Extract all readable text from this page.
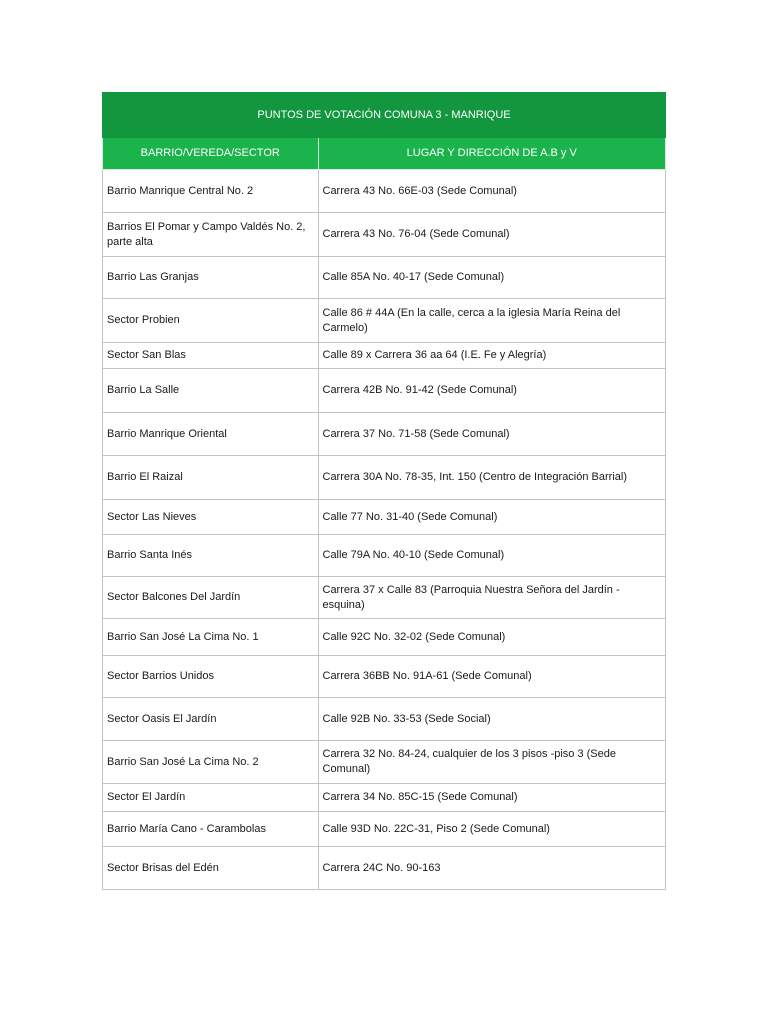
PUNTOS DE VOTACIÓN COMUNA 3 - MANRIQUE	
BARRIO/VEREDA/SECTOR	LUGAR Y DIRECCIÓN DE A.B y V
Barrio Manrique Central No. 2	Carrera 43 No. 66E-03 (Sede Comunal)
Barrios El Pomar y Campo Valdés No. 2, parte alta	Carrera 43 No. 76-04 (Sede Comunal)
Barrio Las Granjas	Calle 85A No. 40-17 (Sede Comunal)
Sector Probien	Calle 86 # 44A (En la calle, cerca a la iglesia María Reina del Carmelo)
Sector San Blas	Calle 89 x Carrera 36 aa 64 (I.E. Fe y Alegría)
Barrio La Salle	Carrera 42B No. 91-42 (Sede Comunal)
Barrio Manrique Oriental	Carrera 37 No. 71-58 (Sede Comunal)
Barrio El Raizal	Carrera 30A No. 78-35, Int. 150 (Centro de Integración Barrial)
Sector Las Nieves	Calle 77 No. 31-40 (Sede Comunal)
Barrio Santa Inés	Calle 79A No. 40-10 (Sede Comunal)
Sector Balcones Del Jardín	Carrera 37 x Calle 83 (Parroquia Nuestra Señora del Jardín - esquina)
Barrio San José La Cima No. 1	Calle 92C No. 32-02 (Sede Comunal)
Sector Barrios Unidos	Carrera 36BB No. 91A-61 (Sede Comunal)
Sector Oasis El Jardín	Calle 92B No. 33-53 (Sede Social)
Barrio San José La Cima No. 2	Carrera 32 No. 84-24, cualquier de los 3 pisos -piso 3 (Sede Comunal)
Sector El Jardín	Carrera 34 No. 85C-15 (Sede Comunal)
Barrio María Cano - Carambolas	Calle 93D No. 22C-31, Piso 2 (Sede Comunal)
Sector Brisas del Edén	Carrera 24C No. 90-163
